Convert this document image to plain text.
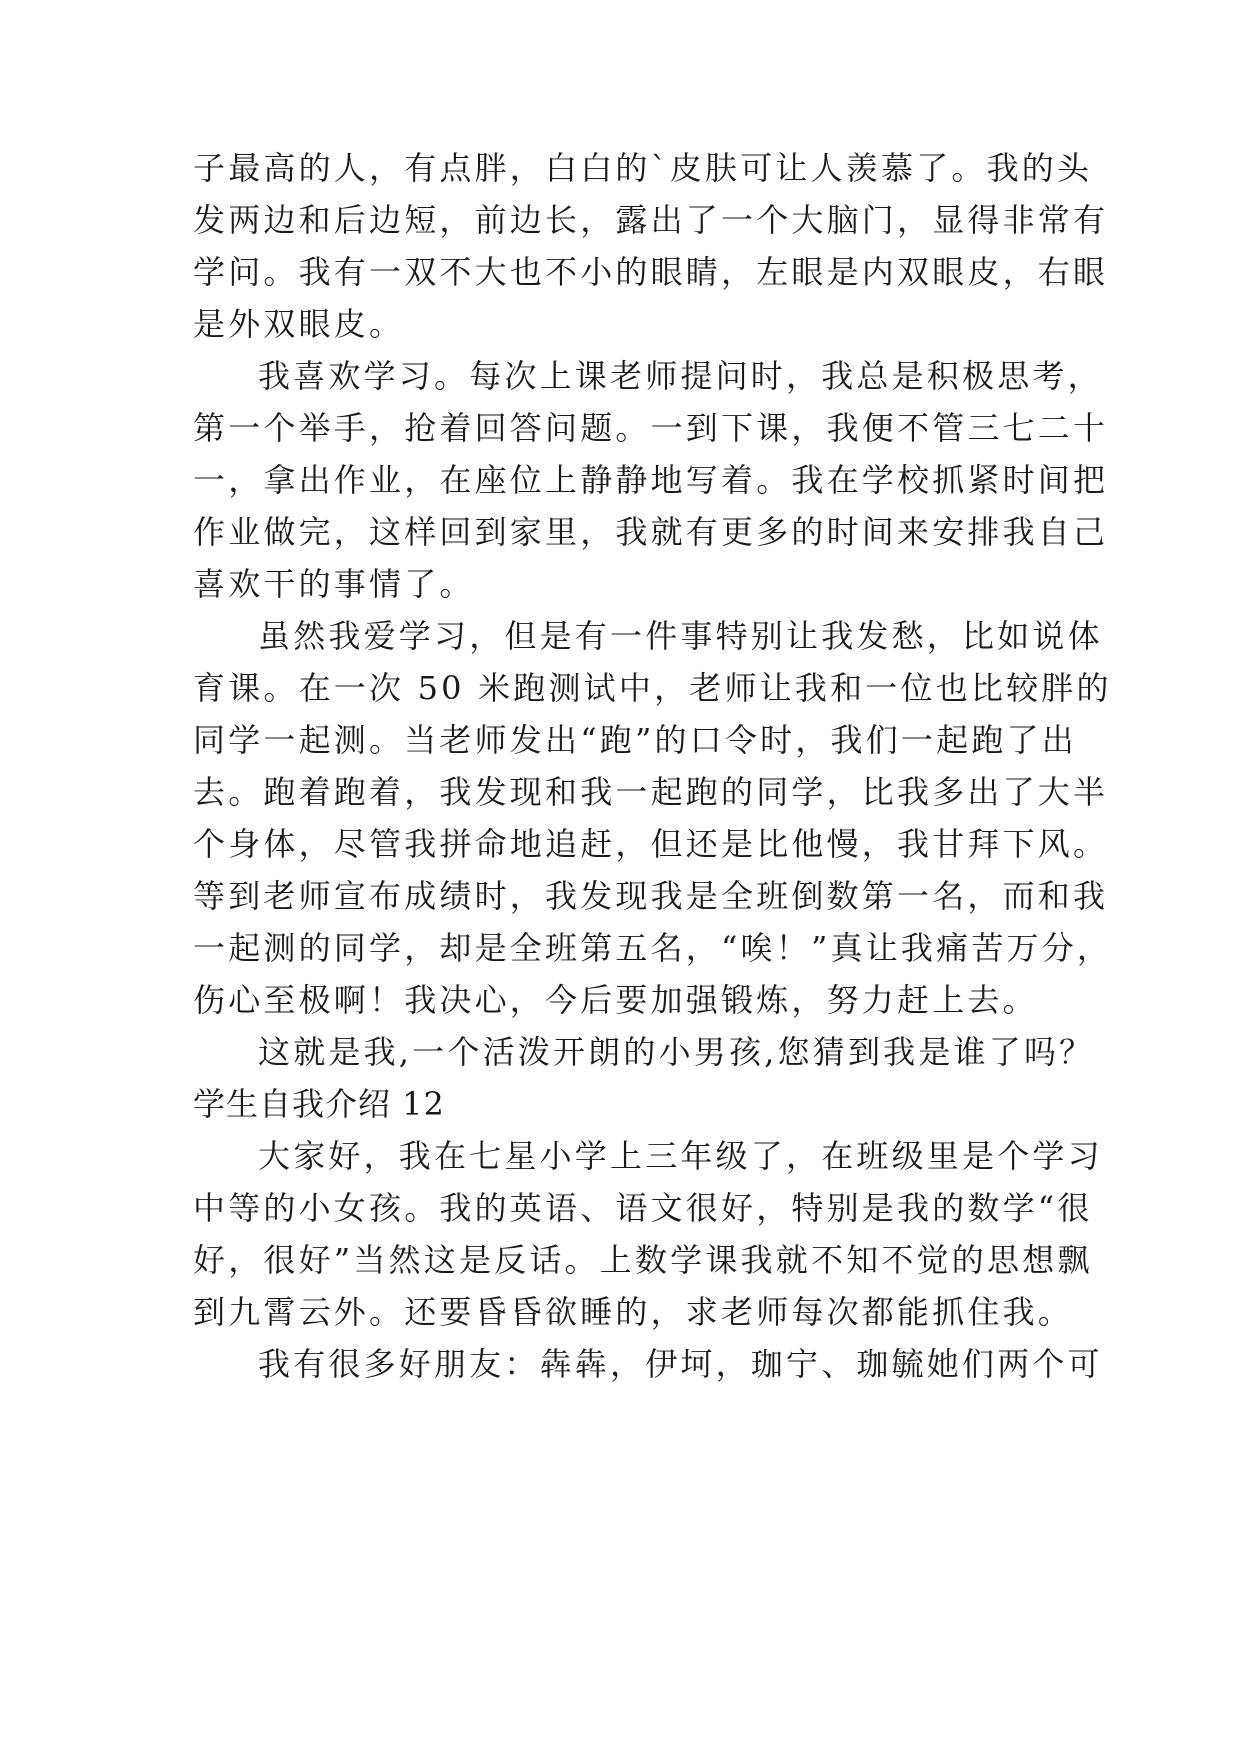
子最高的人，有点胖，白白的`皮肤可让人羡慕了。我的头
发两边和后边短，前边长，露出了一个大脑门，显得非常有
学问。我有一双不大也不小的眼睛，左眼是内双眼皮，右眼
是外双眼皮。
我喜欢学习。每次上课老师提问时，我总是积极思考，
第一个举手，抢着回答问题。一到下课，我便不管三七二十
一，拿出作业，在座位上静静地写着。我在学校抓紧时间把
作业做完，这样回到家里，我就有更多的时间来安排我自己
喜欢干的事情了。
虽然我爱学习，但是有一件事特别让我发愁，比如说体
育课。在一次 50 米跑测试中，老师让我和一位也比较胖的
同学一起测。当老师发出“跑”的口令时，我们一起跑了出
去。跑着跑着，我发现和我一起跑的同学，比我多出了大半
个身体，尽管我拼命地追赶，但还是比他慢，我甘拜下风。
等到老师宣布成绩时，我发现我是全班倒数第一名，而和我
一起测的同学，却是全班第五名，“唉！”真让我痛苦万分，
伤心至极啊！我决心，今后要加强锻炼，努力赶上去。
这就是我,一个活泼开朗的小男孩,您猜到我是谁了吗？
学生自我介绍 12
大家好，我在七星小学上三年级了，在班级里是个学习
中等的小女孩。我的英语、语文很好，特别是我的数学“很
好，很好”当然这是反话。上数学课我就不知不觉的思想飘
到九霄云外。还要昏昏欲睡的，求老师每次都能抓住我。
我有很多好朋友：犇犇，伊坷，珈宁、珈毓她们两个可
